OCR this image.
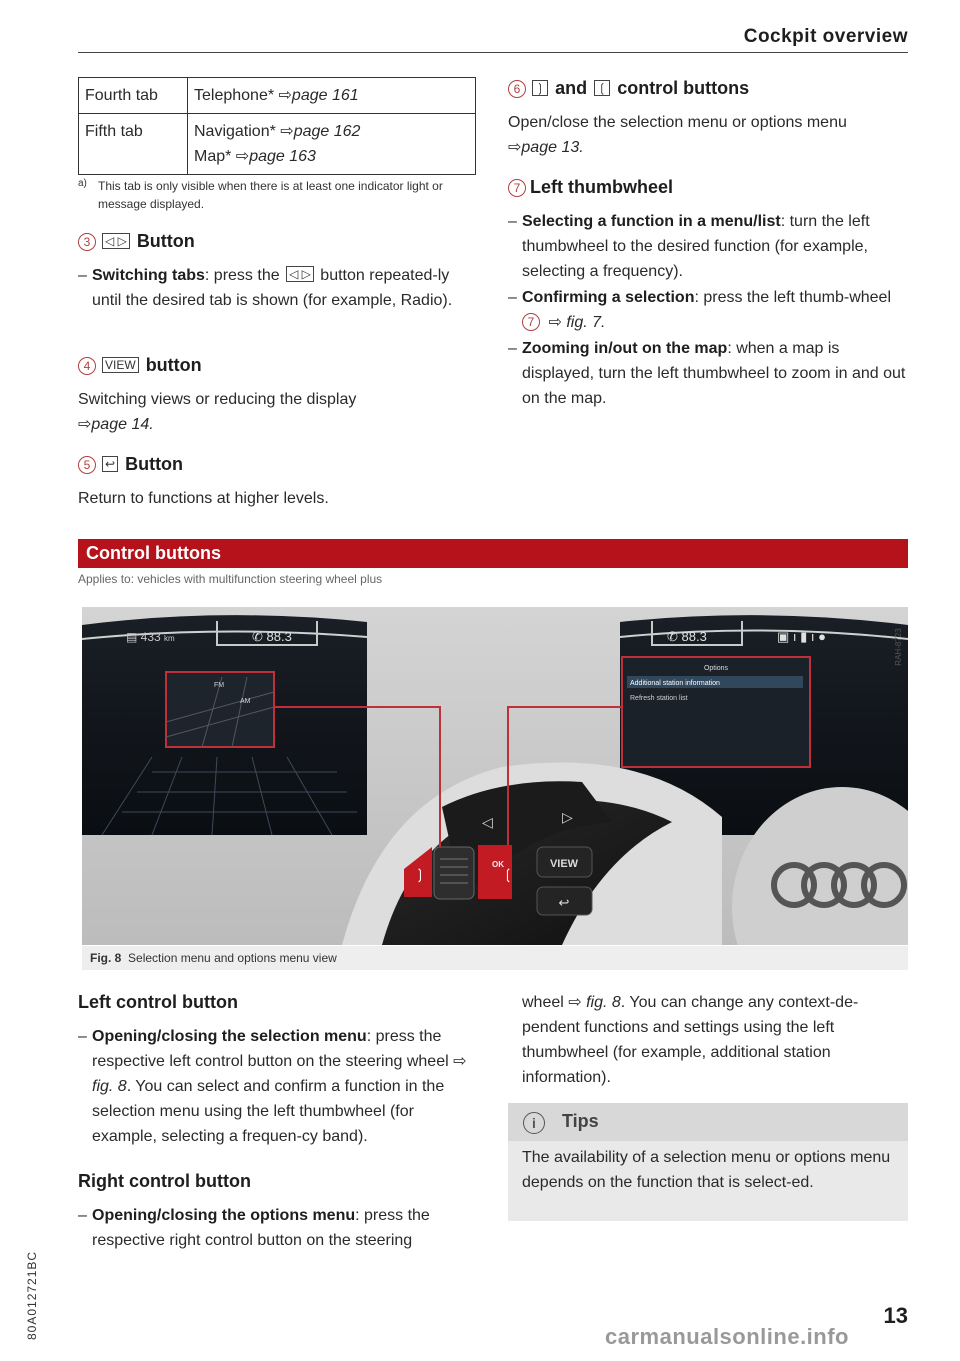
Cockpit overview
Fourth tab	Telephone* ⇨page 161
Fifth tab	Navigation* ⇨page 162
Map* ⇨page 163
a) This tab is only visible when there is at least one indicator light or message displayed.
3 ◁ ▷ Button
– Switching tabs: press the ◁ ▷ button repeated-ly until the desired tab is shown (for example, Radio).
4 VIEW button

Switching views or reducing the display
⇨page 14.

5 ↩ Button

Return to functions at higher levels.

6 ❳ and ❲ control buttons

Open/close the selection menu or options menu
⇨page 13.

7 Left thumbwheel
– Selecting a function in a menu/list: turn the left thumbwheel to the desired function (for example, selecting a frequency).
– Confirming a selection: press the left thumb-wheel 7 ⇨ fig. 7.
– Zooming in/out on the map: when a map is displayed, turn the left thumbwheel to zoom in and out on the map.
Control buttons
Applies to: vehicles with multifunction steering wheel plus
▤ 433 km	✆ 88.3
FM
AM
✆ 88.3	▣ ı ▮ ı ●
Options
Additional station information
Refresh station list
◁	▷
VIEW
↩
❳	❲
OK
RAH-8723
Fig. 8 Selection menu and options menu view
Left control button
– Opening/closing the selection menu: press the respective left control button on the steering wheel ⇨ fig. 8. You can select and confirm a function in the selection menu using the left thumbwheel (for example, selecting a frequen-cy band).
Right control button
– Opening/closing the options menu: press the respective right control button on the steering
wheel ⇨ fig. 8. You can change any context-de-pendent functions and settings using the left thumbwheel (for example, additional station information).
i	Tips
The availability of a selection menu or options menu depends on the function that is select-ed.
80A012721BC	13
carmanualsonline.info
